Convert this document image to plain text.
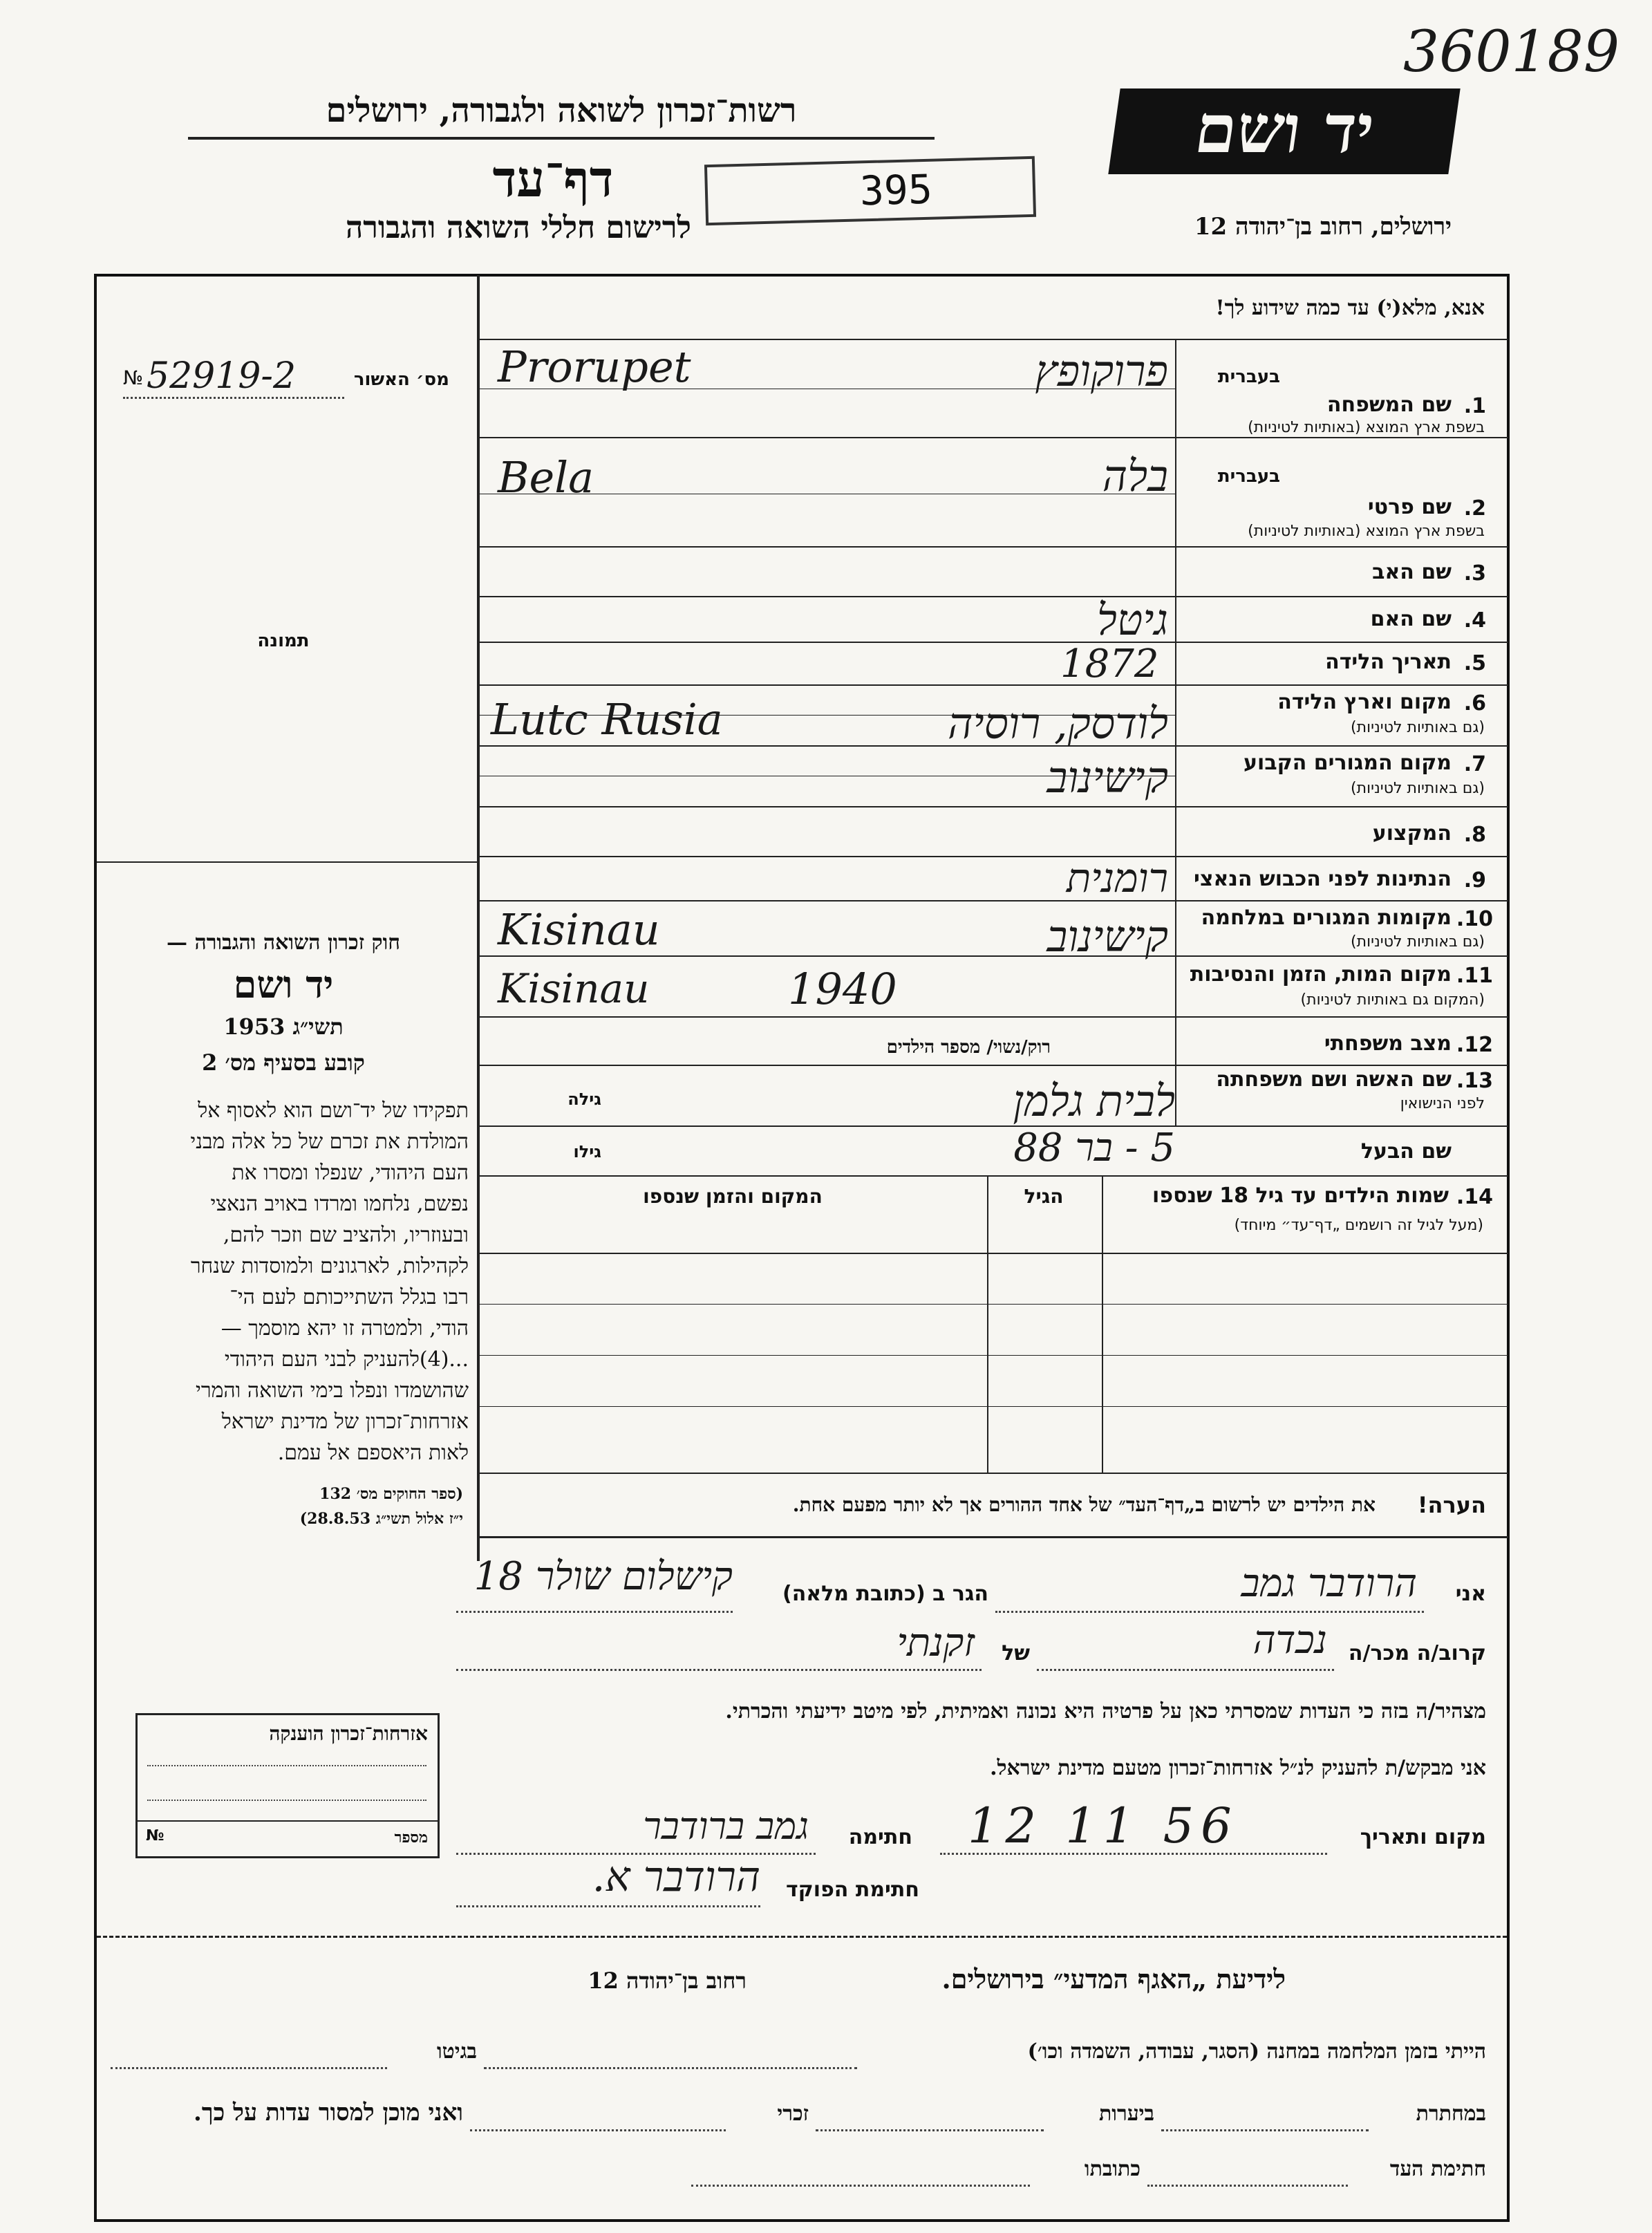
360189
רשות־זכרון לשואה ולגבורה, ירושלים
דף־עד
לרישום חללי השואה והגבורה
395
יד ושם
ירושלים, רחוב בן־יהודה 12
מס׳ האשור
52919-2
№
תמונה
חוק זכרון השואה והגבורה —
יד ושם
תשי״ג 1953
קובע בסעיף מס׳ 2
תפקידו של יד־ושם הוא לאסוף אל
המולדת את זכרם של כל אלה מבני
העם היהודי, שנפלו ומסרו את
נפשם, נלחמו ומרדו באויב הנאצי
ובעוזריו, ולהציב שם וזכר להם,
לקהילות, לארגונים ולמוסדות שנחר
רבו בגלל השתייכותם לעם הי־
הודי, ולמטרה זו יהא מוסמך —
...(4)להעניק לבני העם היהודי
שהושמדו ונפלו בימי השואה והמרי
אזרחות־זכרון של מדינת ישראל
לאות היאספם אל עמם.
(ספר החוקים מס׳ 132
י״ז אלול תשי״ג 28.8.53)
אנא, מלא(י) עד כמה שידוע לך!
1.
שם המשפחה
בשפת ארץ המוצא (באותיות לטיניות)
בעברית
פרוקופץ
Prorupet
2.
שם פרטי
בשפת ארץ המוצא (באותיות לטיניות)
בעברית
בלה
Bela
3.
שם האב
4.
שם האם
גיטל
5.
תאריך הלידה
1872
6.
מקום וארץ הלידה
(גם באותיות לטיניות)
לודסק, רוסיה
Lutc Rusia
7.
מקום המגורים הקבוע
(גם באותיות לטיניות)
קישינוב
8.
המקצוע
9.
הנתינות לפני הכבוש הנאצי
רומנית
10.
מקומות המגורים במלחמה
(גם באותיות לטיניות)
קישינוב
Kisinau
11.
מקום המות, הזמן והנסיבות
(המקום גם באותיות לטיניות)
Kisinau	1940
12.
מצב משפחתי
רוק/נשוי/ מספר הילדים
13.
שם האשה ושם משפחתה
לפני הנישואין
גילה	לבית גלמן
שם הבעל
גילו	5 - בר 88
14.
שמות הילדים עד גיל 18 שנספו
(מעל לגיל זה רושמים „דף־עד״ מיוחד)
הגיל
המקום והזמן שנספו
הערה!
את הילדים יש לרשום ב„דף־העד״ של אחד ההורים אך לא יותר מפעם אחת.
אני
הרודבר גמב
הגר ב (כתובת מלאה)
קישלום שולר 18
קרוב/ה מכר/ה
נכדה
של
זקנתי
מצהיר/ה בזה כי העדות שמסרתי כאן על פרטיה היא נכונה ואמיתית, לפי מיטב ידיעתי והכרתי.
אני מבקש/ת להעניק לנ״ל אזרחות־זכרון מטעם מדינת ישראל.
מקום ותאריך
12 11 56
חתימה
גמב ברודבר
חתימת הפוקד
הרודבר א.
אזרחות־זכרון הוענקה
מספר
№
לידיעת „האגף המדעי״ בירושלים.
רחוב בן־יהודה 12
הייתי בזמן המלחמה במחנה (הסגר, עבודה, השמדה וכו׳)
בגיטו
במחתרת
ביערות
זכרי
ואני מוכן למסור עדות על כך.
חתימת העד
כתובתו
